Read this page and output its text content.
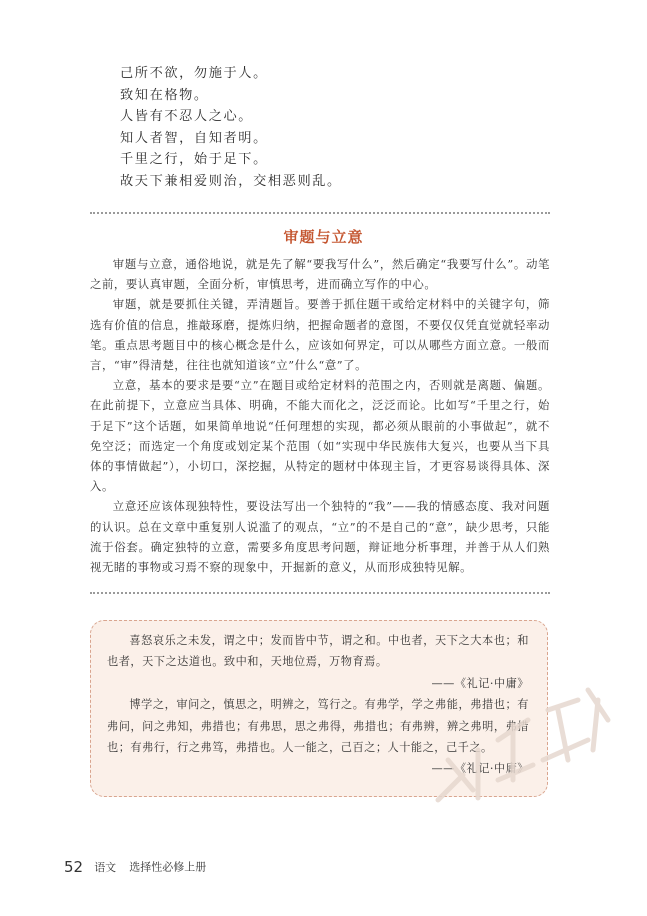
己所不欲，勿施于人。
致知在格物。
人皆有不忍人之心。
知人者智，自知者明。
千里之行，始于足下。
故天下兼相爱则治，交相恶则乱。
审题与立意

审题与立意，通俗地说，就是先了解“要我写什么”，然后确定“我要写什么”。动笔之前，要认真审题，全面分析，审慎思考，进而确立写作的中心。

审题，就是要抓住关键，弄清题旨。要善于抓住题干或给定材料中的关键字句，筛选有价值的信息，推敲琢磨，提炼归纳，把握命题者的意图，不要仅仅凭直觉就轻率动笔。重点思考题目中的核心概念是什么，应该如何界定，可以从哪些方面立意。一般而言，“审”得清楚，往往也就知道该“立”什么“意”了。

立意，基本的要求是要“立”在题目或给定材料的范围之内，否则就是离题、偏题。在此前提下，立意应当具体、明确，不能大而化之，泛泛而论。比如写“千里之行，始于足下”这个话题，如果简单地说“任何理想的实现，都必须从眼前的小事做起”，就不免空泛；而选定一个角度或划定某个范围（如“实现中华民族伟大复兴，也要从当下具体的事情做起”），小切口，深挖掘，从特定的题材中体现主旨，才更容易谈得具体、深入。

立意还应该体现独特性，要设法写出一个独特的“我”——我的情感态度、我对问题的认识。总在文章中重复别人说滥了的观点，“立”的不是自己的“意”，缺少思考，只能流于俗套。确定独特的立意，需要多角度思考问题，辩证地分析事理，并善于从人们熟视无睹的事物或习焉不察的现象中，开掘新的意义，从而形成独特见解。

喜怒哀乐之未发，谓之中；发而皆中节，谓之和。中也者，天下之大本也；和也者，天下之达道也。致中和，天地位焉，万物育焉。

——《礼记·中庸》

博学之，审问之，慎思之，明辨之，笃行之。有弗学，学之弗能，弗措也；有弗问，问之弗知，弗措也；有弗思，思之弗得，弗措也；有弗辨，辨之弗明，弗措也；有弗行，行之弗笃，弗措也。人一能之，己百之；人十能之，己千之。

——《礼记·中庸》
52 语文 选择性必修上册
